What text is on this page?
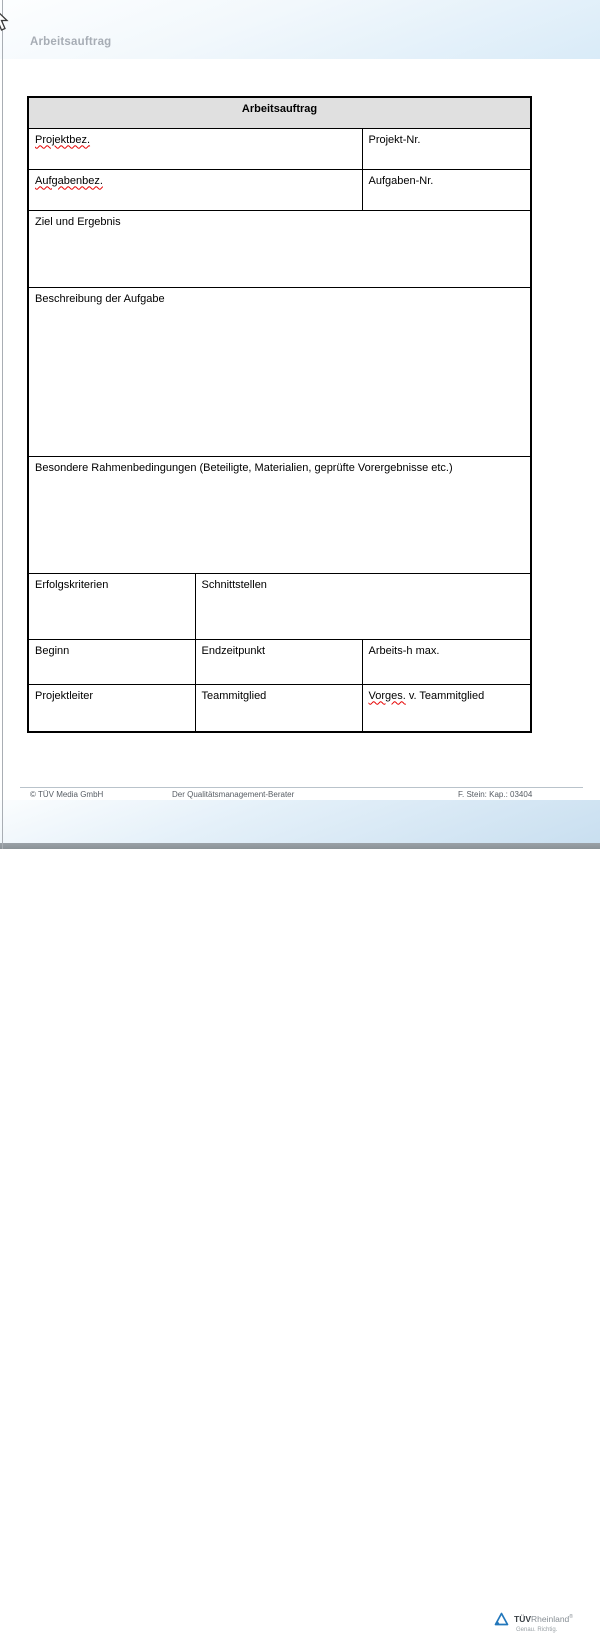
Arbeitsauftrag
Arbeitsauftrag		
Projektbez.		Projekt-Nr.
Aufgabenbez.		Aufgaben-Nr.
Ziel und Ergebnis		
Beschreibung der Aufgabe		
Besondere Rahmenbedingungen (Beteiligte, Materialien, geprüfte Vorergebnisse etc.)		
Erfolgskriterien	Schnittstellen	
Beginn	Endzeitpunkt	Arbeits-h max.
Projektleiter	Teammitglied	Vorges. v. Teammitglied
© TÜV Media GmbH	Der Qualitätsmanagement-Berater	F. Stein: Kap.: 03404
TÜVRheinland®
Genau. Richtig.
